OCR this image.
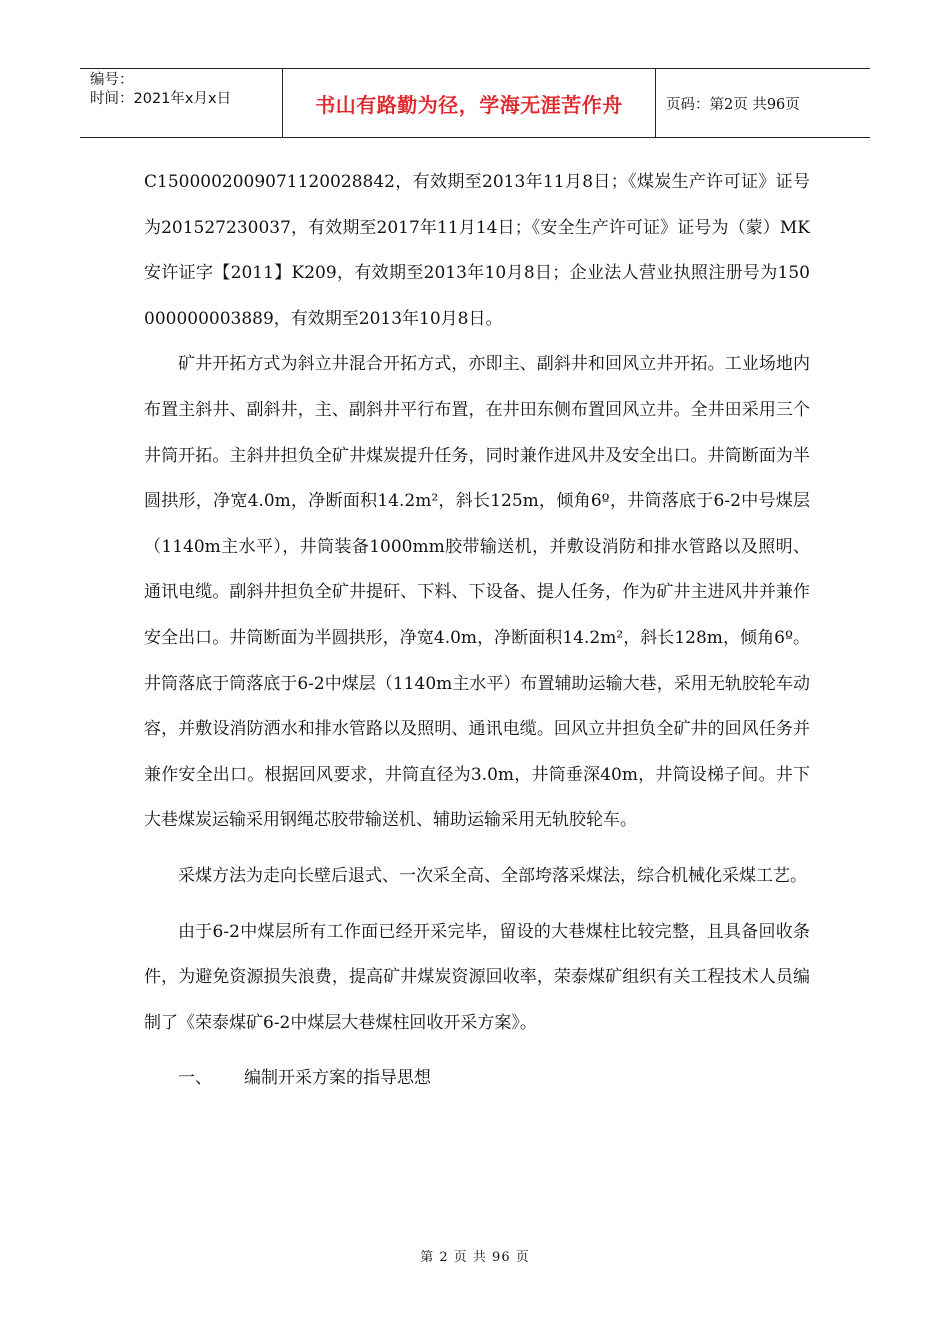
编号：
时间：2021年x月x日	书山有路勤为径，学海无涯苦作舟	页码：第2页 共96页

C150000200907112002884​2，有效期至2013年11月8日；《煤炭生产许可证》证号为201527230037，有效期至2017年11月14日；《安全生产许可证》证号为（蒙）MK安许证字【2011】K209，有效期至2013年10月8日；企业法人营业执照注册号为150000000003889，有效期至2013年10月8日。

矿井开拓方式为斜立井混合开拓方式，亦即主、副斜井和回风立井开拓。工业场地内布置主斜井、副斜井，主、副斜井平行布置，在井田东侧布置回风立井。全井田采用三个井筒开拓。主斜井担负全矿井煤炭提升任务，同时兼作进风井及安全出口。井筒断面为半圆拱形，净宽4.0m，净断面积14.2m²，斜长125m，倾角6º，井筒落底于6-2中号煤层（1140m主水平），井筒装备1000mm胶带输送机，并敷设消防和排水管路以及照明、通讯电缆。副斜井担负全矿井提矸、下料、下设备、提人任务，作为矿井主进风井并兼作安全出口。井筒断面为半圆拱形，净宽4.0m，净断面积14.2m²，斜长128m，倾角6º。井筒落底于筒落底于6-2中煤层（1140m主水平）布置辅助运输大巷，采用无轨胶轮车动容，并敷设消防洒水和排水管路以及照明、通讯电缆。回风立井担负全矿井的回风任务并兼作安全出口。根据回风要求，井筒直径为3.0m，井筒垂深40m，井筒设梯子间。井下大巷煤炭运输采用钢绳芯胶带输送机、辅助运输采用无轨胶轮车。

采煤方法为走向长壁后退式、一次采全高、全部垮落采煤法，综合机械化采煤工艺。

由于6-2中煤层所有工作面已经开采完毕，留设的大巷煤柱比较完整，且具备回收条件，为避免资源损失浪费，提高矿井煤炭资源回收率，荣泰煤矿组织有关工程技术人员编制了《荣泰煤矿6-2中煤层大巷煤柱回收开采方案》。

一、	编制开采方案的指导思想
第 2 页 共 96 页
